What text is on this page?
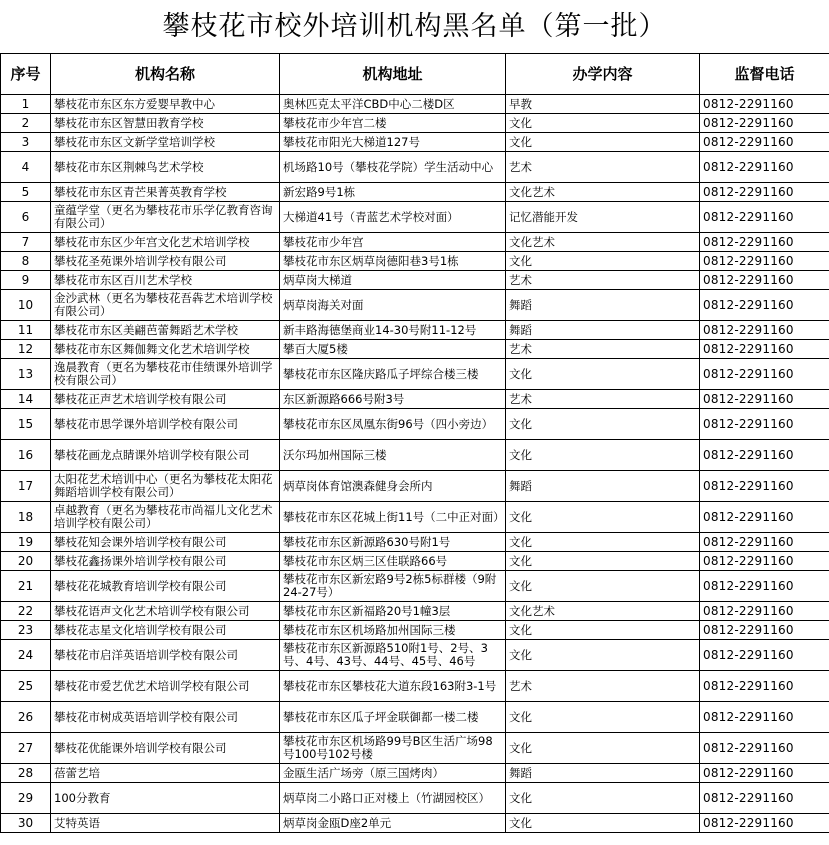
攀枝花市校外培训机构黑名单（第一批）
序号	机构名称	机构地址	办学内容	监督电话
1	攀枝花市东区东方爱婴早教中心	奥林匹克太平洋CBD中心二楼D区	早教	0812-2291160
2	攀枝花市东区智慧田教育学校	攀枝花市少年宫二楼	文化	0812-2291160
3	攀枝花市东区文新学堂培训学校	攀枝花市阳光大梯道127号	文化	0812-2291160
4	攀枝花市东区荆棘鸟艺术学校	机场路10号（攀枝花学院）学生活动中心	艺术	0812-2291160
5	攀枝花市东区青芒果菁英教育学校	新宏路9号1栋	文化艺术	0812-2291160
6	童蕴学堂（更名为攀枝花市乐学亿教育咨询有限公司）	大梯道41号（青蓝艺术学校对面）	记忆潜能开发	0812-2291160
7	攀枝花市东区少年宫文化艺术培训学校	攀枝花市少年宫	文化艺术	0812-2291160
8	攀枝花圣苑课外培训学校有限公司	攀枝花市东区炳草岗德阳巷3号1栋	文化	0812-2291160
9	攀枝花市东区百川艺术学校	炳草岗大梯道	艺术	0812-2291160
10	金沙武林（更名为攀枝花吾犇艺术培训学校有限公司）	炳草岗海关对面	舞蹈	0812-2291160
11	攀枝花市东区美翩芭蕾舞蹈艺术学校	新丰路海德堡商业14-30号附11-12号	舞蹈	0812-2291160
12	攀枝花市东区舞伽舞文化艺术培训学校	攀百大厦5楼	艺术	0812-2291160
13	逸晨教育（更名为攀枝花市佳绩课外培训学校有限公司）	攀枝花市东区隆庆路瓜子坪综合楼三楼	文化	0812-2291160
14	攀枝花正声艺术培训学校有限公司	东区新源路666号附3号	艺术	0812-2291160
15	攀枝花市思学课外培训学校有限公司	攀枝花市东区凤凰东街96号（四小旁边）	文化	0812-2291160
16	攀枝花画龙点睛课外培训学校有限公司	沃尔玛加州国际三楼	文化	0812-2291160
17	太阳花艺术培训中心（更名为攀枝花太阳花舞蹈培训学校有限公司）	炳草岗体育馆澳森健身会所内	舞蹈	0812-2291160
18	卓越教育（更名为攀枝花市尚福儿文化艺术培训学校有限公司）	攀枝花市东区花城上街11号（二中正对面）	文化	0812-2291160
19	攀枝花知会课外培训学校有限公司	攀枝花市东区新源路630号附1号	文化	0812-2291160
20	攀枝花鑫扬课外培训学校有限公司	攀枝花市东区炳三区佳联路66号	文化	0812-2291160
21	攀枝花花城教育培训学校有限公司	攀枝花市东区新宏路9号2栋5标群楼（9附24-27号）	文化	0812-2291160
22	攀枝花语声文化艺术培训学校有限公司	攀枝花市东区新福路20号1幢3层	文化艺术	0812-2291160
23	攀枝花志星文化培训学校有限公司	攀枝花市东区机场路加州国际三楼	文化	0812-2291160
24	攀枝花市启洋英语培训学校有限公司	攀枝花市东区新源路510附1号、2号、3号、4号、43号、44号、45号、46号	文化	0812-2291160
25	攀枝花市爱艺优艺术培训学校有限公司	攀枝花市东区攀枝花大道东段163附3-1号	艺术	0812-2291160
26	攀枝花市树成英语培训学校有限公司	攀枝花市东区瓜子坪金联御都一楼二楼	文化	0812-2291160
27	攀枝花优能课外培训学校有限公司	攀枝花市东区机场路99号B区生活广场98号100号102号楼	文化	0812-2291160
28	蓓蕾艺培	金瓯生活广场旁（原三国烤肉）	舞蹈	0812-2291160
29	100分教育	炳草岗二小路口正对楼上（竹湖园校区）	文化	0812-2291160
30	艾特英语	炳草岗金瓯D座2单元	文化	0812-2291160
